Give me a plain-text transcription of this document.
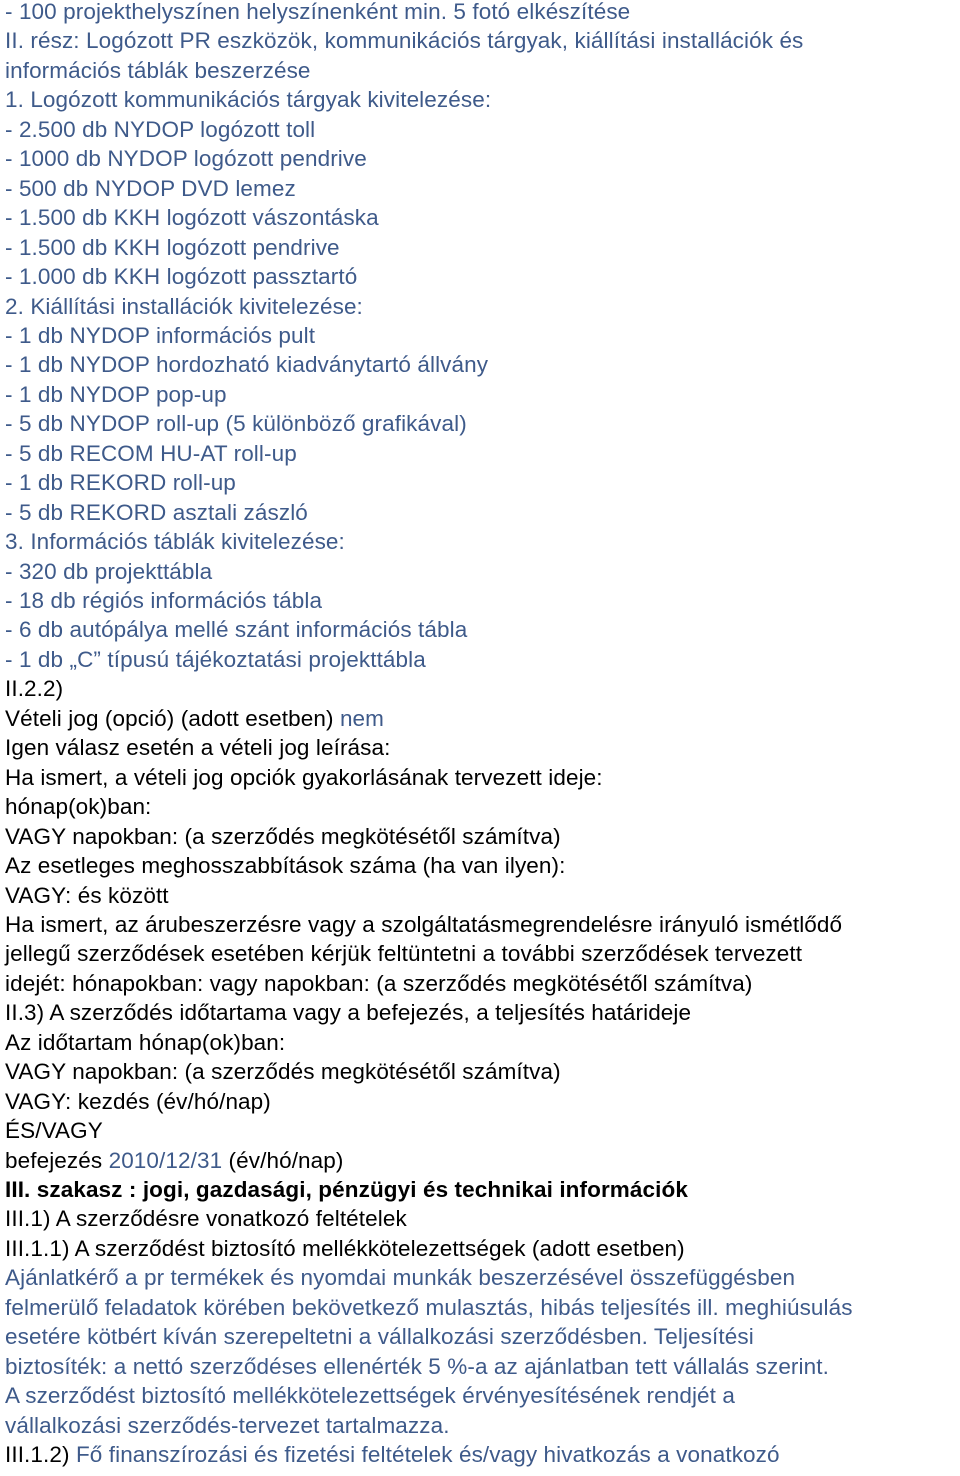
- 100 projekthelyszínen helyszínenként min. 5 fotó elkészítése
II. rész: Logózott PR eszközök, kommunikációs tárgyak, kiállítási installációk és
információs táblák beszerzése
1. Logózott kommunikációs tárgyak kivitelezése:
- 2.500 db NYDOP logózott toll
- 1000 db NYDOP logózott pendrive
- 500 db NYDOP DVD lemez
- 1.500 db KKH logózott vászontáska
- 1.500 db KKH logózott pendrive
- 1.000 db KKH logózott passztartó
2. Kiállítási installációk kivitelezése:
- 1 db NYDOP információs pult
- 1 db NYDOP hordozható kiadványtartó állvány
- 1 db NYDOP pop-up
- 5 db NYDOP roll-up (5 különböző grafikával)
- 5 db RECOM HU-AT roll-up
- 1 db REKORD roll-up
- 5 db REKORD asztali zászló
3. Információs táblák kivitelezése:
- 320 db projekttábla
- 18 db régiós információs tábla
- 6 db autópálya mellé szánt információs tábla
- 1 db „C” típusú tájékoztatási projekttábla
II.2.2)
Vételi jog (opció) (adott esetben) nem
Igen válasz esetén a vételi jog leírása:
Ha ismert, a vételi jog opciók gyakorlásának tervezett ideje:
hónap(ok)ban:
VAGY napokban: (a szerződés megkötésétől számítva)
Az esetleges meghosszabbítások száma (ha van ilyen):
VAGY: és között
Ha ismert, az árubeszerzésre vagy a szolgáltatásmegrendelésre irányuló ismétlődő
jellegű szerződések esetében kérjük feltüntetni a további szerződések tervezett
idejét: hónapokban: vagy napokban: (a szerződés megkötésétől számítva)
II.3) A szerződés időtartama vagy a befejezés, a teljesítés határideje
Az időtartam hónap(ok)ban:
VAGY napokban: (a szerződés megkötésétől számítva)
VAGY: kezdés (év/hó/nap)
ÉS/VAGY
befejezés 2010/12/31 (év/hó/nap)
III. szakasz : jogi, gazdasági, pénzügyi és technikai információk
III.1) A szerződésre vonatkozó feltételek
III.1.1) A szerződést biztosító mellékkötelezettségek (adott esetben)
Ajánlatkérő a pr termékek és nyomdai munkák beszerzésével összefüggésben
felmerülő feladatok körében bekövetkező mulasztás, hibás teljesítés ill. meghiúsulás
esetére kötbért kíván szerepeltetni a vállalkozási szerződésben. Teljesítési
biztosíték: a nettó szerződéses ellenérték 5 %-a az ajánlatban tett vállalás szerint.
A szerződést biztosító mellékkötelezettségek érvényesítésének rendjét a
vállalkozási szerződés-tervezet tartalmazza.
III.1.2) Fő finanszírozási és fizetési feltételek és/vagy hivatkozás a vonatkozó
